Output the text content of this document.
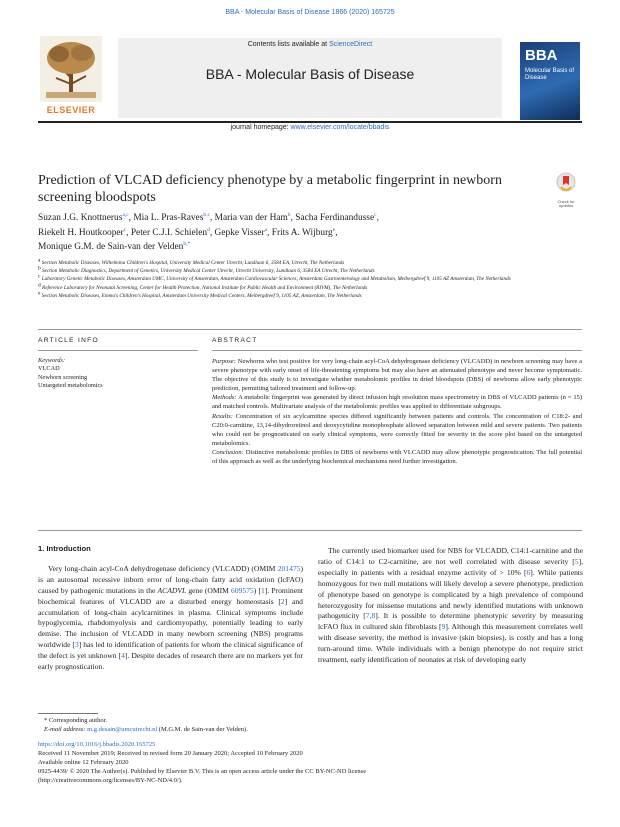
BBA - Molecular Basis of Disease 1866 (2020) 165725
ELSEVIER
Contents lists available at ScienceDirect
BBA - Molecular Basis of Disease
journal homepage: www.elsevier.com/locate/bbadis
BBA
Molecular Basis of Disease
Prediction of VLCAD deficiency phenotype by a metabolic fingerprint in newborn screening bloodspots	Check for updates
Suzan J.G. Knottnerus$^{a,c}$, Mia L. Pras-Raves$^{b,c}$, Maria van der Ham$^b$, Sacha Ferdinandusse$^c$,
Riekelt H. Houtkooper$^c$, Peter C.J.I. Schielen$^d$, Gepke Visser$^a$, Frits A. Wijburg$^e$,
Monique G.M. de Sain-van der Velden$^{b,*}$
$^a$ Section Metabolic Diseases, Wilhelmina Children's Hospital, University Medical Center Utrecht, Lundlaan 6, 3584 EA, Utrecht, The Netherlands
$^b$ Section Metabolic Diagnostics, Department of Genetics, University Medical Center Utrecht, Utrecht University, Lundlaan 6, 3584 EA Utrecht, The Netherlands
$^c$ Laboratory Genetic Metabolic Diseases, Amsterdam UMC, University of Amsterdam, Amsterdam Cardiovascular Sciences, Amsterdam Gastroenterology and Metabolism, Meibergdreef 9, 1105 AZ Amsterdam, The Netherlands
$^d$ Reference Laboratory for Neonatal Screening, Center for Health Protection, National Institute for Public Health and Environment (RIVM), The Netherlands
$^e$ Section Metabolic Diseases, Emma's Children's Hospital, Amsterdam University Medical Centers, Meibergdreef 9, 1105 AZ, Amsterdam, The Netherlands
ARTICLE INFO
Keywords:
VLCAD
Newborn screening
Untargeted metabolomics
ABSTRACT
Purpose: Newborns who test positive for very long-chain acyl-CoA dehydrogenase deficiency (VLCADD) in newborn screening may have a severe phenotype with early onset of life-threatening symptoms but may also have an attenuated phenotype and never become symptomatic. The objective of this study is to investigate whether metabolomic profiles in dried bloodspots (DBS) of newborns allow early phenotypic prediction, permitting tailored treatment and follow-up.
Methods: A metabolic fingerprint was generated by direct infusion high resolution mass spectrometry in DBS of VLCADD patients (n = 15) and matched controls. Multivariate analysis of the metabolomic profiles was applied to differentiate subgroups.
Results: Concentration of six acylcarnitine species differed significantly between patients and controls. The concentration of C18:2- and C20:0-carnitine, 13,14-dihydroretinol and deoxycytidine monophosphate allowed separation between mild and severe patients. Two patients who could not be prognosticated on early clinical symptoms, were correctly fitted for severity in the score plot based on the untargeted metabolomics.
Conclusion: Distinctive metabolomic profiles in DBS of newborns with VLCADD may allow phenotypic prognostication. The full potential of this approach as well as the underlying biochemical mechanisms need further investigation.
1. Introduction

Very long-chain acyl-CoA dehydrogenase deficiency (VLCADD) (OMIM 201475) is an autosomal recessive inborn error of long-chain fatty acid oxidation (lcFAO) caused by pathogenic mutations in the ACADVL gene (OMIM 609575) [1]. Prominent biochemical features of VLCADD are a disturbed energy homeostasis [2] and accumulation of long-chain acylcarnitines in plasma. Clinical symptoms include hypoglycemia, rhabdomyolysis and cardiomyopathy, potentially leading to early demise. The inclusion of VLCADD in many newborn screening (NBS) programs worldwide [3] has led to identification of patients for whom the clinical significance of the defect is yet unknown [4]. Despite decades of research there are no markers yet for early prognostication.

The currently used biomarker used for NBS for VLCADD, C14:1-carnitine and the ratio of C14:1 to C2-carnitine, are not well correlated with disease severity [5], especially in patients with a residual enzyme activity of > 10% [6]. While patients homozygous for two null mutations will likely develop a severe phenotype, prediction of phenotype based on genotype is complicated by a high prevalence of compound heterozygosity for missense mutations and newly identified mutations with unknown pathogenicity [7,8]. It is possible to determine phenotypic severity by measuring lcFAO flux in cultured skin fibroblasts [9]. Although this measurement correlates well with disease severity, the method is invasive (skin biopsies), is costly and has a long turn-around time. While individuals with a benign phenotype do not require strict treatment, early identification of neonates at risk of developing early

* Corresponding author.
E-mail address: m.g.desain@umcutrecht.nl (M.G.M. de Sain-van der Velden).
https://doi.org/10.1016/j.bbadis.2020.165725
Received 11 November 2019; Received in revised form 20 January 2020; Accepted 10 February 2020
Available online 12 February 2020
0925-4439/ © 2020 The Author(s). Published by Elsevier B.V. This is an open access article under the CC BY-NC-ND license
(http://creativecommons.org/licenses/BY-NC-ND/4.0/).
